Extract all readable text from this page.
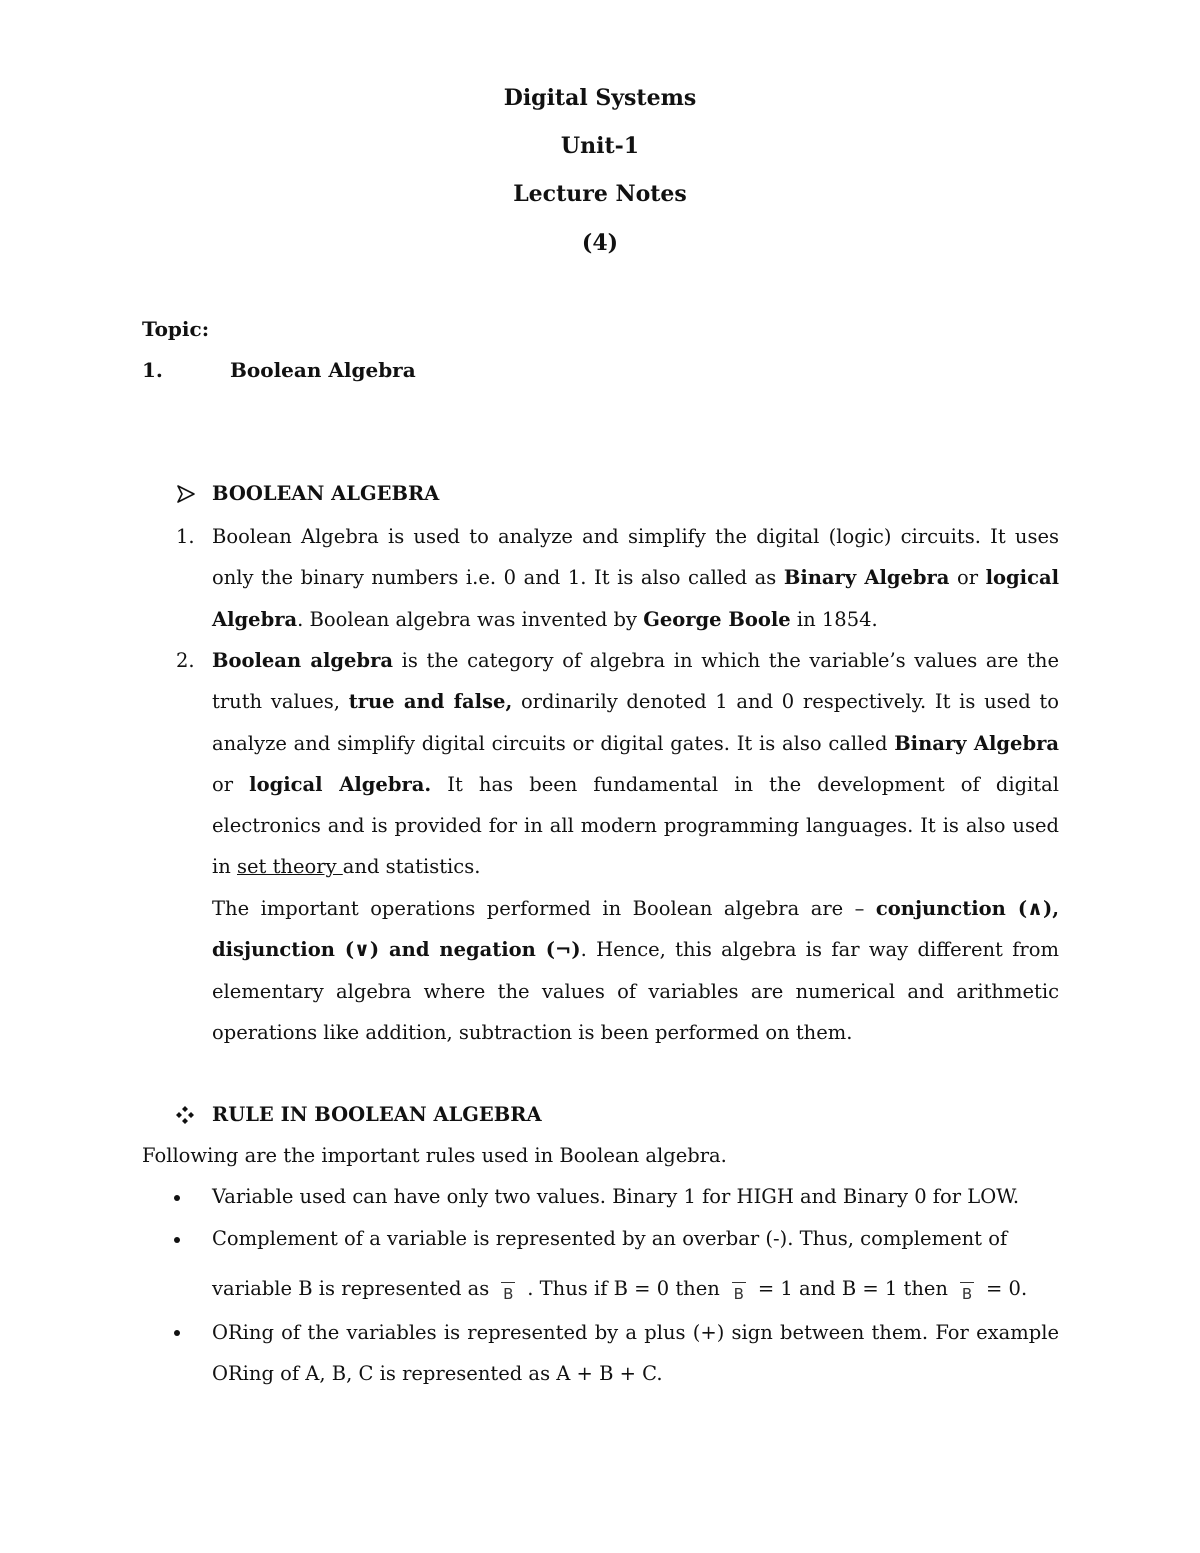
Digital Systems
Unit-1
Lecture Notes
(4)
Topic:
1.	Boolean Algebra
BOOLEAN ALGEBRA
1. Boolean Algebra is used to analyze and simplify the digital (logic) circuits. It uses only the binary numbers i.e. 0 and 1. It is also called as Binary Algebra or logical Algebra. Boolean algebra was invented by George Boole in 1854.
2. Boolean algebra is the category of algebra in which the variable’s values are the truth values, true and false, ordinarily denoted 1 and 0 respectively. It is used to analyze and simplify digital circuits or digital gates. It is also called Binary Algebra or logical Algebra. It has been fundamental in the development of digital electronics and is provided for in all modern programming languages. It is also used in set theory and statistics.
The important operations performed in Boolean algebra are – conjunction (∧), disjunction (∨) and negation (¬). Hence, this algebra is far way different from elementary algebra where the values of variables are numerical and arithmetic operations like addition, subtraction is been performed on them.
RULE IN BOOLEAN ALGEBRA
Following are the important rules used in Boolean algebra.
Variable used can have only two values. Binary 1 for HIGH and Binary 0 for LOW.
Complement of a variable is represented by an overbar (-). Thus, complement of
variable B is represented as B . Thus if B = 0 then B = 1 and B = 1 then B = 0.
ORing of the variables is represented by a plus (+) sign between them. For example ORing of A, B, C is represented as A + B + C.
